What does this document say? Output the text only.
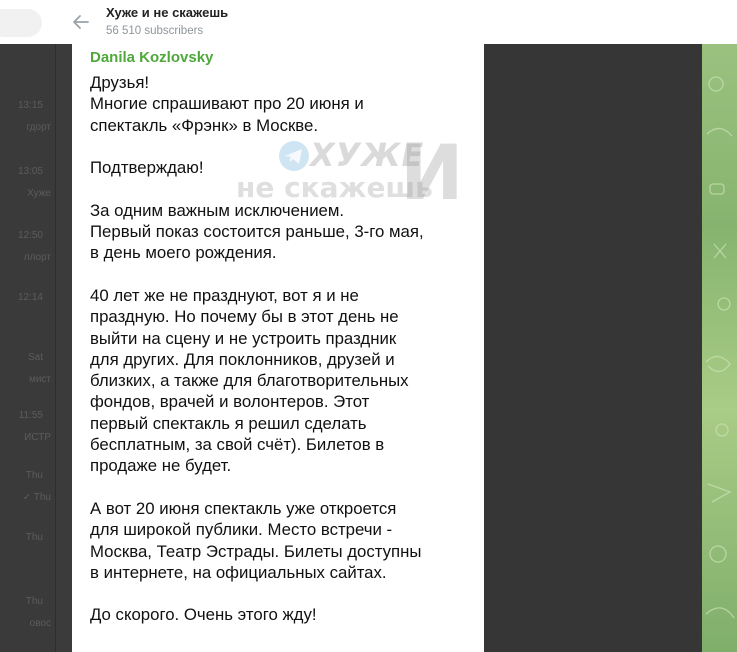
Хуже и не скажешь
56 510 subscribers
13:15
гдорт
13:05
Хуже
12:50
ллорт
12:14
Sat
мист
11:55
ИСТР
Thu
✓ Thu
Thu
Thu
овос
Danila Kozlovsky
ХУЖЕ
не скажешь
И

Друзья!
Многие спрашивают про 20 июня и
спектакль «Фрэнк» в Москве.

Подтверждаю!

За одним важным исключением.
Первый показ состоится раньше, 3-го мая,
в день моего рождения.

40 лет же не празднуют, вот я и не
праздную. Но почему бы в этот день не
выйти на сцену и не устроить праздник
для других. Для поклонников, друзей и
близких, а также для благотворительных
фондов, врачей и волонтеров. Этот
первый спектакль я решил сделать
бесплатным, за свой счёт). Билетов в
продаже не будет.

А вот 20 июня спектакль уже откроется
для широкой публики. Место встречи -
Москва, Театр Эстрады. Билеты доступны
в интернете, на официальных сайтах.

До скорого. Очень этого жду!
